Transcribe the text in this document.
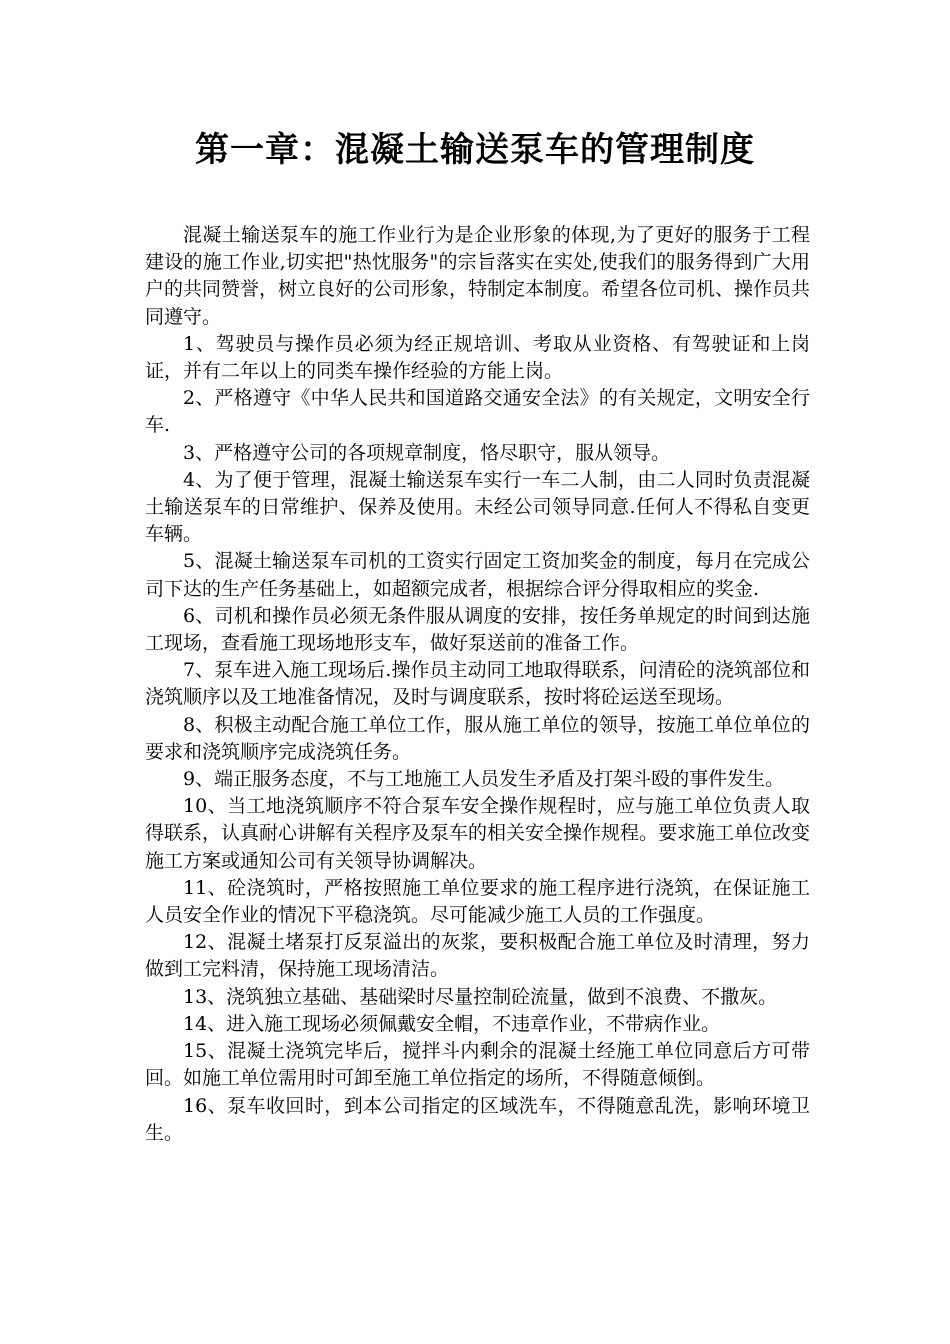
第一章：混凝土输送泵车的管理制度

混凝土输送泵车的施工作业行为是企业形象的体现,为了更好的服务于工程建设的施工作业,切实把"热忱服务"的宗旨落实在实处,使我们的服务得到广大用户的共同赞誉，树立良好的公司形象，特制定本制度。希望各位司机、操作员共同遵守。

1、驾驶员与操作员必须为经正规培训、考取从业资格、有驾驶证和上岗证，并有二年以上的同类车操作经验的方能上岗。

2、严格遵守《中华人民共和国道路交通安全法》的有关规定，文明安全行车.

3、严格遵守公司的各项规章制度，恪尽职守，服从领导。

4、为了便于管理，混凝土输送泵车实行一车二人制，由二人同时负责混凝土输送泵车的日常维护、保养及使用。未经公司领导同意.任何人不得私自变更车辆。

5、混凝土输送泵车司机的工资实行固定工资加奖金的制度，每月在完成公司下达的生产任务基础上，如超额完成者，根据综合评分得取相应的奖金.

6、司机和操作员必须无条件服从调度的安排，按任务单规定的时间到达施工现场，查看施工现场地形支车，做好泵送前的准备工作。

7、泵车进入施工现场后.操作员主动同工地取得联系，问清砼的浇筑部位和浇筑顺序以及工地准备情况，及时与调度联系，按时将砼运送至现场。

8、积极主动配合施工单位工作，服从施工单位的领导，按施工单位单位的要求和浇筑顺序完成浇筑任务。

9、端正服务态度，不与工地施工人员发生矛盾及打架斗殴的事件发生。

10、当工地浇筑顺序不符合泵车安全操作规程时，应与施工单位负责人取得联系，认真耐心讲解有关程序及泵车的相关安全操作规程。要求施工单位改变施工方案或通知公司有关领导协调解决。

11、砼浇筑时，严格按照施工单位要求的施工程序进行浇筑，在保证施工人员安全作业的情况下平稳浇筑。尽可能减少施工人员的工作强度。

12、混凝土堵泵打反泵溢出的灰浆，要积极配合施工单位及时清理，努力做到工完料清，保持施工现场清洁。

13、浇筑独立基础、基础梁时尽量控制砼流量，做到不浪费、不撒灰。

14、进入施工现场必须佩戴安全帽，不违章作业，不带病作业。

15、混凝土浇筑完毕后，搅拌斗内剩余的混凝土经施工单位同意后方可带回。如施工单位需用时可卸至施工单位指定的场所，不得随意倾倒。

16、泵车收回时，到本公司指定的区域洗车，不得随意乱洗，影响环境卫生。
